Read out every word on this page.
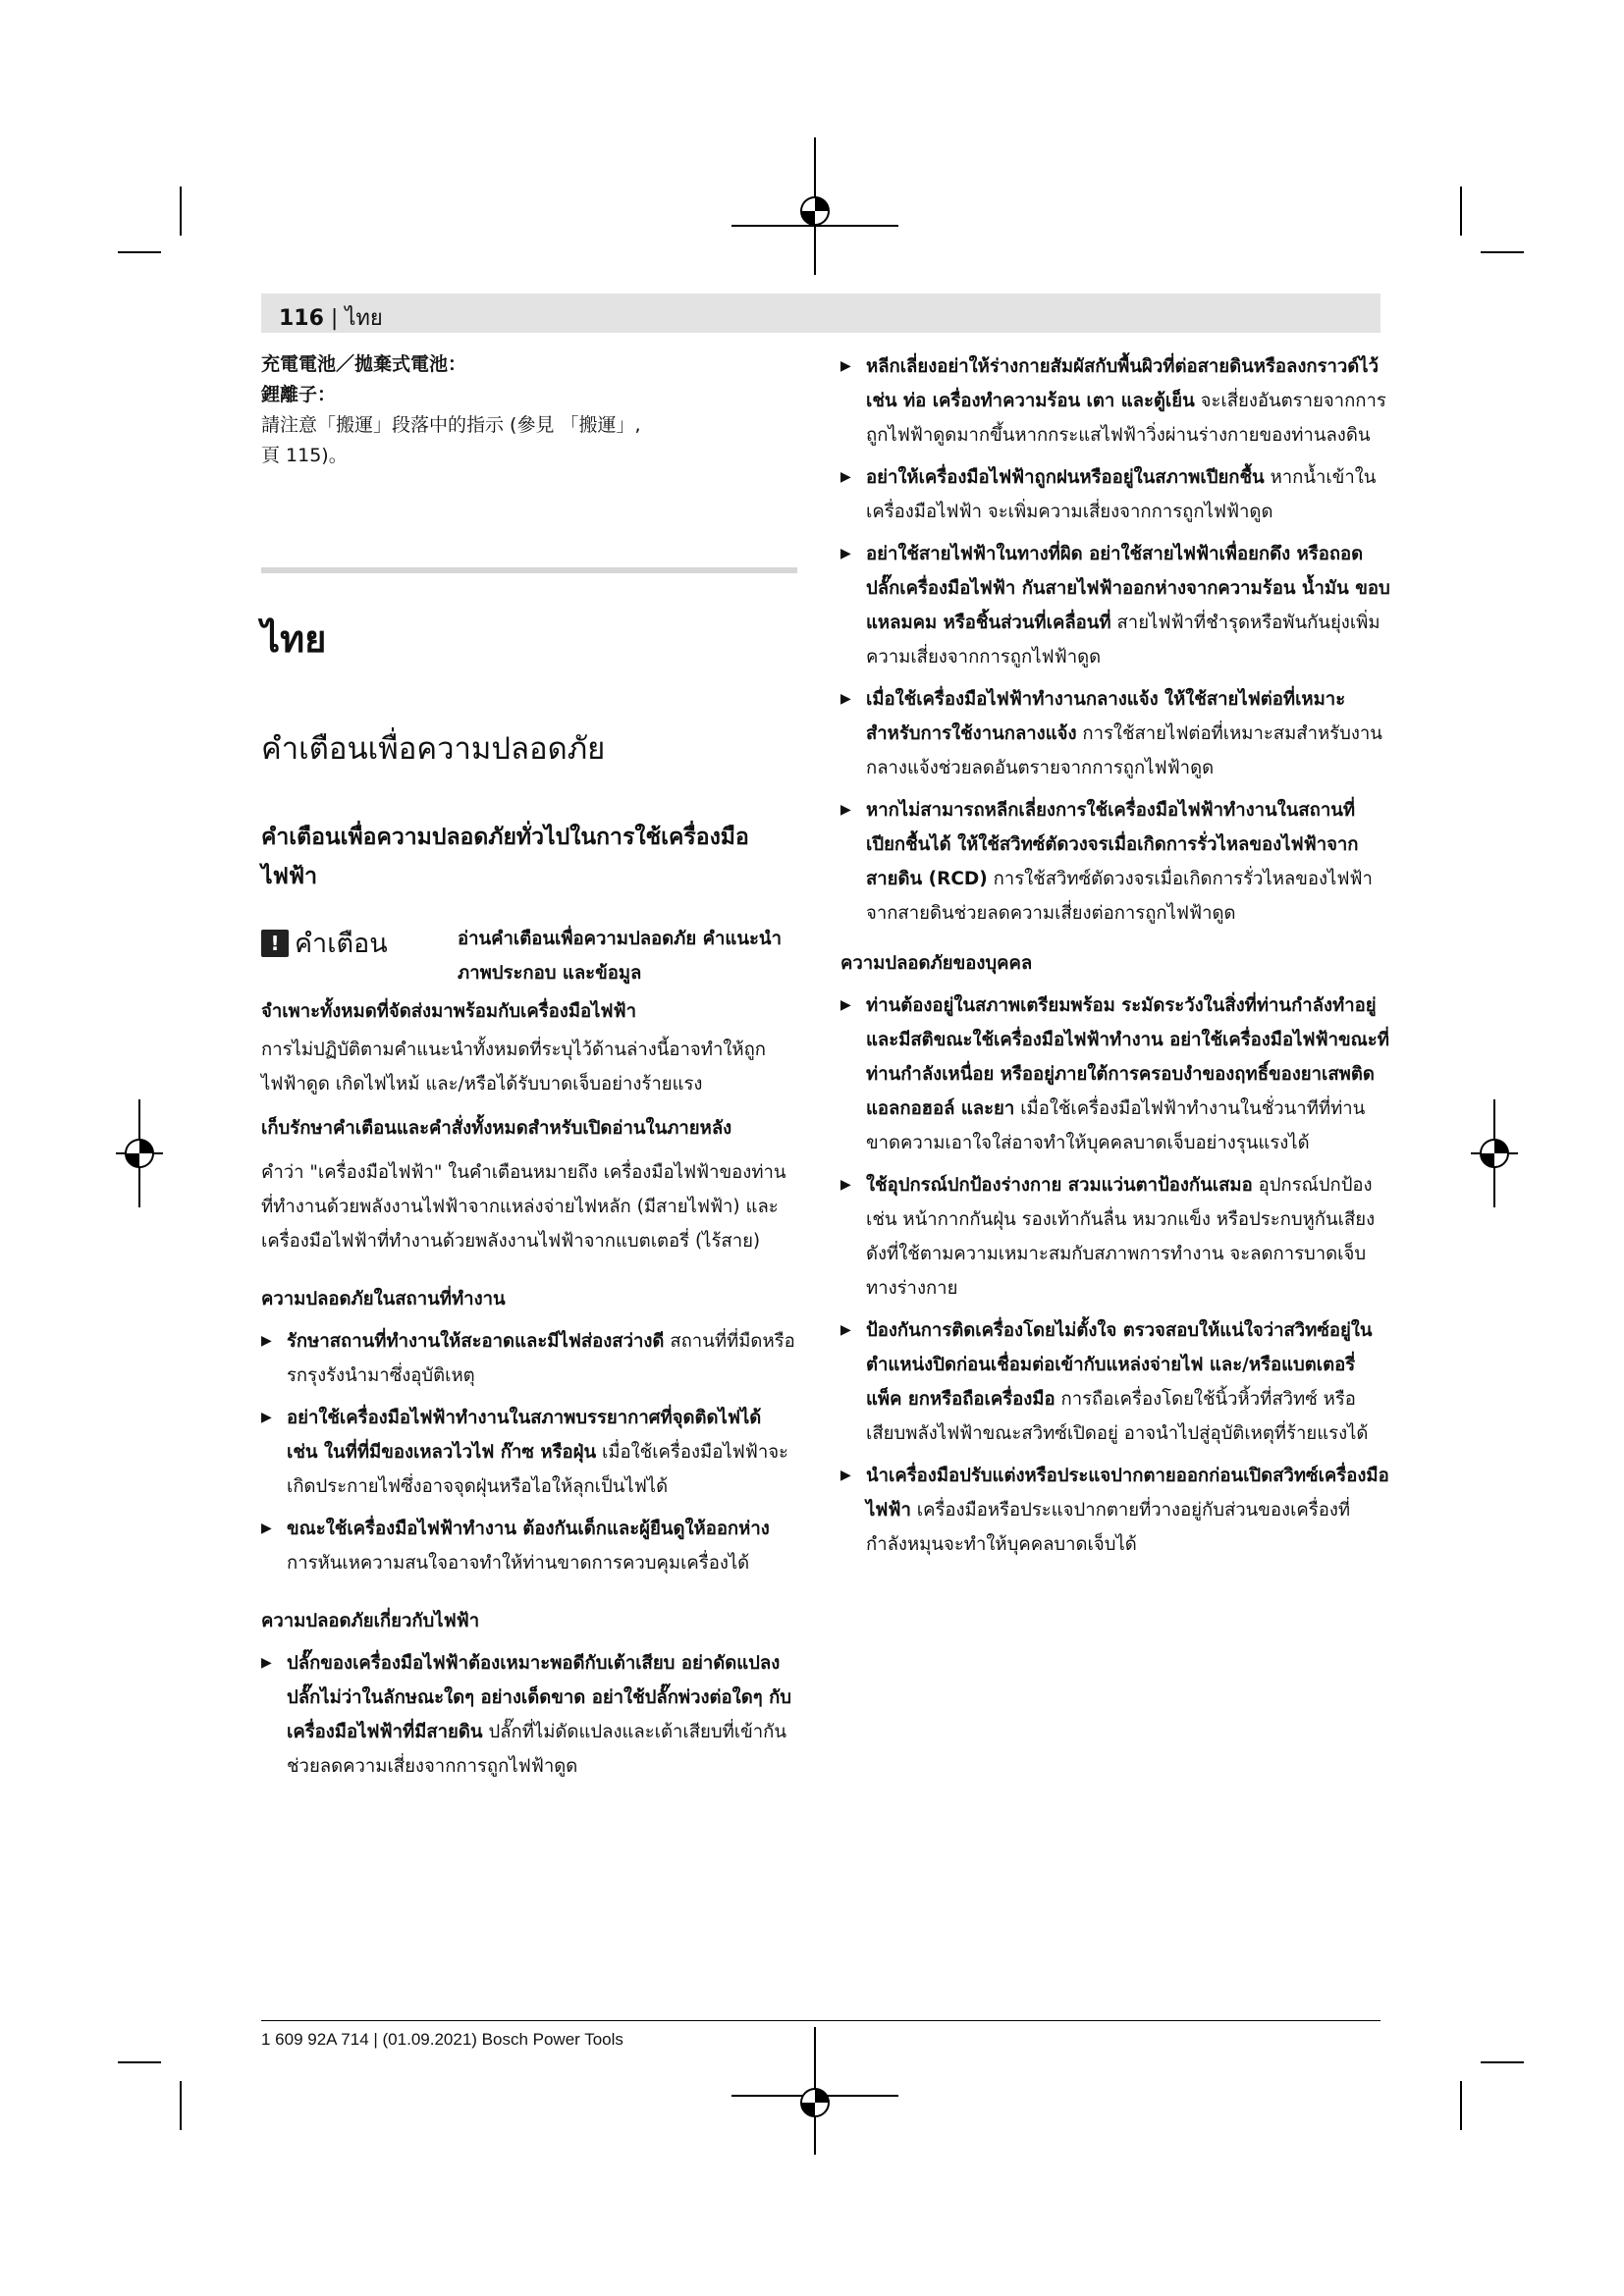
116 | ไทย

充電電池／拋棄式電池：

鋰離子：

請注意「搬運」段落中的指示 (參見 「搬運」,

頁 115)。

ไทย
คำเตือนเพื่อความปลอดภัย
คำเตือนเพื่อความปลอดภัยทั่วไปในการใช้เครื่องมือไฟฟ้า
! คำเตือน	อ่านคำเตือนเพื่อความปลอดภัย คำแนะนำ ภาพประกอบ และข้อมูล

จำเพาะทั้งหมดที่จัดส่งมาพร้อมกับเครื่องมือไฟฟ้า

การไม่ปฏิบัติตามคำแนะนำทั้งหมดที่ระบุไว้ด้านล่างนี้อาจทำให้ถูกไฟฟ้าดูด เกิดไฟไหม้ และ/หรือได้รับบาดเจ็บอย่างร้ายแรง

เก็บรักษาคำเตือนและคำสั่งทั้งหมดสำหรับเปิดอ่านในภายหลัง

คำว่า "เครื่องมือไฟฟ้า" ในคำเตือนหมายถึง เครื่องมือไฟฟ้าของท่านที่ทำงานด้วยพลังงานไฟฟ้าจากแหล่งจ่ายไฟหลัก (มีสายไฟฟ้า) และเครื่องมือไฟฟ้าที่ทำงานด้วยพลังงานไฟฟ้าจากแบตเตอรี่ (ไร้สาย)

ความปลอดภัยในสถานที่ทำงาน

▶ รักษาสถานที่ทำงานให้สะอาดและมีไฟส่องสว่างดี สถานที่ที่มืดหรือรกรุงรังนำมาซึ่งอุบัติเหตุ
▶ อย่าใช้เครื่องมือไฟฟ้าทำงานในสภาพบรรยากาศที่จุดติดไฟได้ เช่น ในที่ที่มีของเหลวไวไฟ ก๊าซ หรือฝุ่น เมื่อใช้เครื่องมือไฟฟ้าจะเกิดประกายไฟซึ่งอาจจุดฝุ่นหรือไอให้ลุกเป็นไฟได้
▶ ขณะใช้เครื่องมือไฟฟ้าทำงาน ต้องกันเด็กและผู้ยืนดูให้ออกห่าง การหันเหความสนใจอาจทำให้ท่านขาดการควบคุมเครื่องได้

ความปลอดภัยเกี่ยวกับไฟฟ้า

▶ ปลั๊กของเครื่องมือไฟฟ้าต้องเหมาะพอดีกับเต้าเสียบ อย่าดัดแปลงปลั๊กไม่ว่าในลักษณะใดๆ อย่างเด็ดขาด อย่าใช้ปลั๊กพ่วงต่อใดๆ กับเครื่องมือไฟฟ้าที่มีสายดิน ปลั๊กที่ไม่ดัดแปลงและเต้าเสียบที่เข้ากันช่วยลดความเสี่ยงจากการถูกไฟฟ้าดูด
▶ หลีกเลี่ยงอย่าให้ร่างกายสัมผัสกับพื้นผิวที่ต่อสายดินหรือลงกราวด์ไว้ เช่น ท่อ เครื่องทำความร้อน เตา และตู้เย็น จะเสี่ยงอันตรายจากการถูกไฟฟ้าดูดมากขึ้นหากกระแสไฟฟ้าวิ่งผ่านร่างกายของท่านลงดิน
▶ อย่าให้เครื่องมือไฟฟ้าถูกฝนหรืออยู่ในสภาพเปียกชื้น หากน้ำเข้าในเครื่องมือไฟฟ้า จะเพิ่มความเสี่ยงจากการถูกไฟฟ้าดูด
▶ อย่าใช้สายไฟฟ้าในทางที่ผิด อย่าใช้สายไฟฟ้าเพื่อยกดึง หรือถอดปลั๊กเครื่องมือไฟฟ้า กันสายไฟฟ้าออกห่างจากความร้อน น้ำมัน ขอบแหลมคม หรือชิ้นส่วนที่เคลื่อนที่ สายไฟฟ้าที่ชำรุดหรือพันกันยุ่งเพิ่มความเสี่ยงจากการถูกไฟฟ้าดูด
▶ เมื่อใช้เครื่องมือไฟฟ้าทำงานกลางแจ้ง ให้ใช้สายไฟต่อที่เหมาะสำหรับการใช้งานกลางแจ้ง การใช้สายไฟต่อที่เหมาะสมสำหรับงานกลางแจ้งช่วยลดอันตรายจากการถูกไฟฟ้าดูด
▶ หากไม่สามารถหลีกเลี่ยงการใช้เครื่องมือไฟฟ้าทำงานในสถานที่เปียกชื้นได้ ให้ใช้สวิทซ์ตัดวงจรเมื่อเกิดการรั่วไหลของไฟฟ้าจากสายดิน (RCD) การใช้สวิทซ์ตัดวงจรเมื่อเกิดการรั่วไหลของไฟฟ้าจากสายดินช่วยลดความเสี่ยงต่อการถูกไฟฟ้าดูด

ความปลอดภัยของบุคคล

▶ ท่านต้องอยู่ในสภาพเตรียมพร้อม ระมัดระวังในสิ่งที่ท่านกำลังทำอยู่ และมีสติขณะใช้เครื่องมือไฟฟ้าทำงาน อย่าใช้เครื่องมือไฟฟ้าขณะที่ท่านกำลังเหนื่อย หรืออยู่ภายใต้การครอบงำของฤทธิ์ของยาเสพติด แอลกอฮอล์ และยา เมื่อใช้เครื่องมือไฟฟ้าทำงานในชั่วนาทีที่ท่านขาดความเอาใจใส่อาจทำให้บุคคลบาดเจ็บอย่างรุนแรงได้
▶ ใช้อุปกรณ์ปกป้องร่างกาย สวมแว่นตาป้องกันเสมอ อุปกรณ์ปกป้อง เช่น หน้ากากกันฝุ่น รองเท้ากันลื่น หมวกแข็ง หรือประกบหูกันเสียงดังที่ใช้ตามความเหมาะสมกับสภาพการทำงาน จะลดการบาดเจ็บทางร่างกาย
▶ ป้องกันการติดเครื่องโดยไม่ตั้งใจ ตรวจสอบให้แน่ใจว่าสวิทซ์อยู่ในตำแหน่งปิดก่อนเชื่อมต่อเข้ากับแหล่งจ่ายไฟ และ/หรือแบตเตอรี่แพ็ค ยกหรือถือเครื่องมือ การถือเครื่องโดยใช้นิ้วหิ้วที่สวิทซ์ หรือเสียบพลังไฟฟ้าขณะสวิทซ์เปิดอยู่ อาจนำไปสู่อุบัติเหตุที่ร้ายแรงได้
▶ นำเครื่องมือปรับแต่งหรือประแจปากตายออกก่อนเปิดสวิทซ์เครื่องมือไฟฟ้า เครื่องมือหรือประแจปากตายที่วางอยู่กับส่วนของเครื่องที่กำลังหมุนจะทำให้บุคคลบาดเจ็บได้
1 609 92A 714 | (01.09.2021) Bosch Power Tools
